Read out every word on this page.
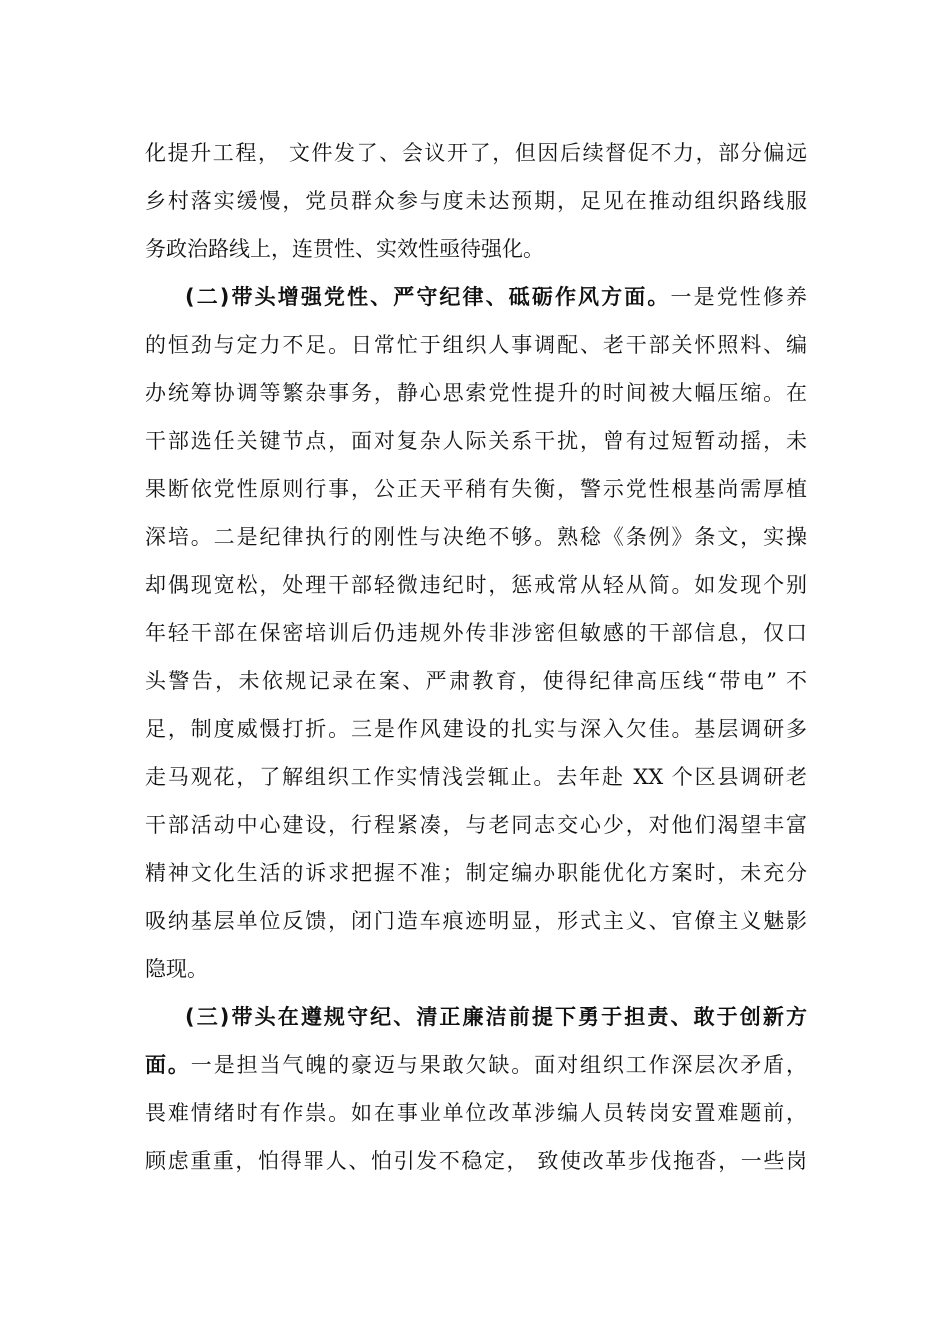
化提升工程， 文件发了、会议开了，但因后续督促不力，部分偏远
乡村落实缓慢，党员群众参与度未达预期，足见在推动组织路线服
务政治路线上，连贯性、实效性亟待强化。
(二)带头增强党性、严守纪律、砥砺作风方面。一是党性修养
的恒劲与定力不足。日常忙于组织人事调配、老干部关怀照料、编
办统筹协调等繁杂事务，静心思索党性提升的时间被大幅压缩。在
干部选任关键节点，面对复杂人际关系干扰，曾有过短暂动摇，未
果断依党性原则行事，公正天平稍有失衡，警示党性根基尚需厚植
深培。二是纪律执行的刚性与决绝不够。熟稔《条例》条文，实操
却偶现宽松，处理干部轻微违纪时，惩戒常从轻从简。如发现个别
年轻干部在保密培训后仍违规外传非涉密但敏感的干部信息，仅口
头警告，未依规记录在案、严肃教育，使得纪律高压线“带电” 不
足，制度威慑打折。三是作风建设的扎实与深入欠佳。基层调研多
走马观花，了解组织工作实情浅尝辄止。去年赴 XX 个区县调研老
干部活动中心建设，行程紧凑，与老同志交心少，对他们渴望丰富
精神文化生活的诉求把握不准；制定编办职能优化方案时，未充分
吸纳基层单位反馈，闭门造车痕迹明显，形式主义、官僚主义魅影
隐现。
(三)带头在遵规守纪、清正廉洁前提下勇于担责、敢于创新方
面。一是担当气魄的豪迈与果敢欠缺。面对组织工作深层次矛盾，
畏难情绪时有作祟。如在事业单位改革涉编人员转岗安置难题前，
顾虑重重，怕得罪人、怕引发不稳定， 致使改革步伐拖沓，一些岗
